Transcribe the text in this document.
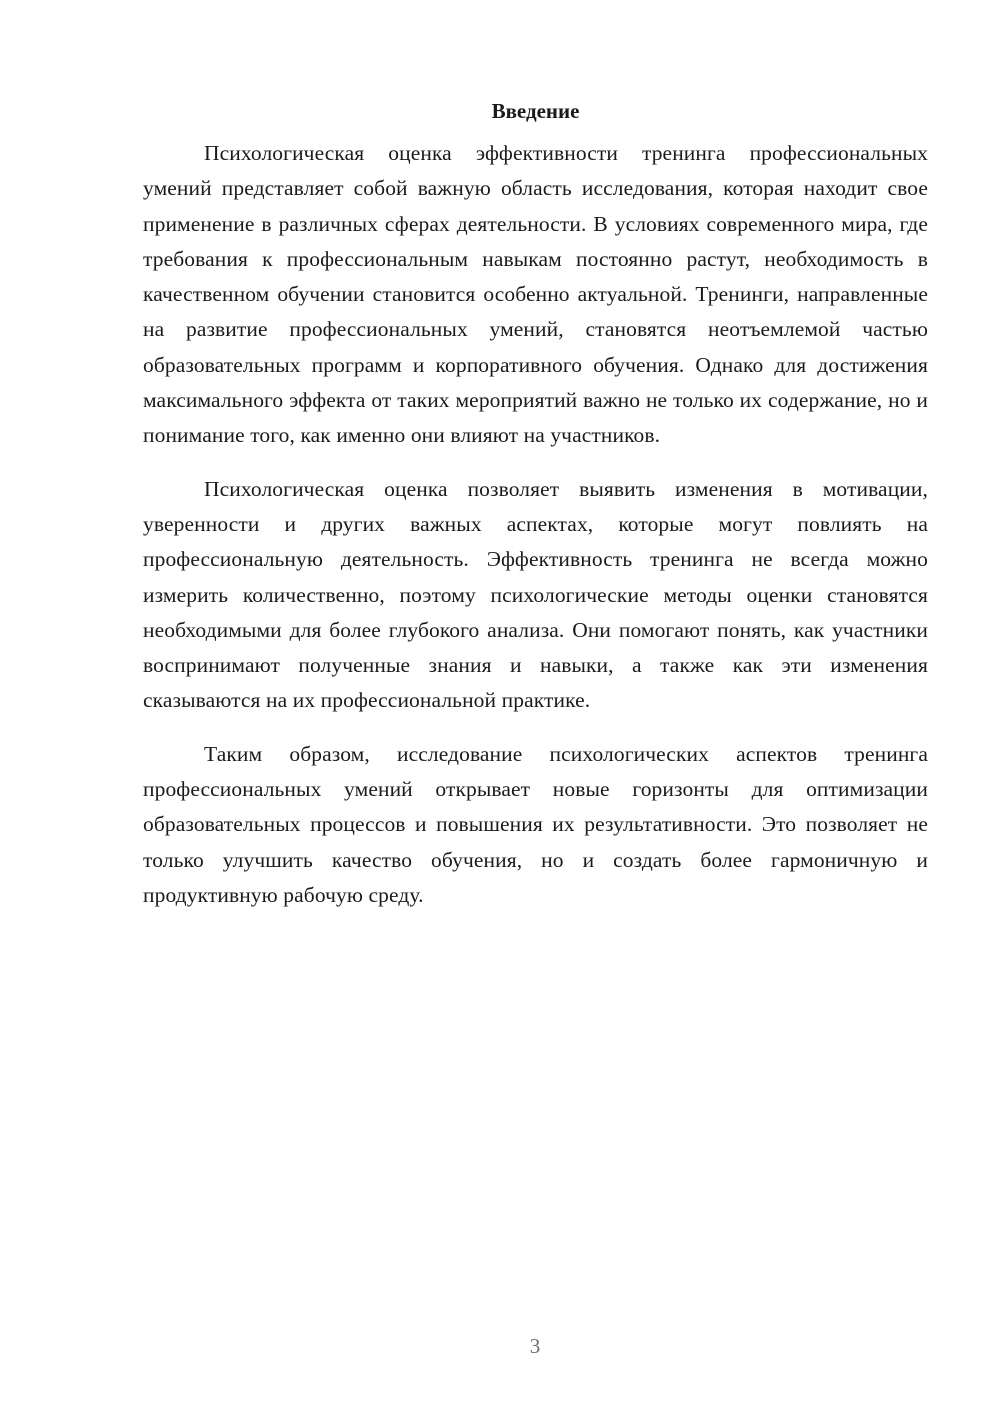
Введение

Психологическая оценка эффективности тренинга профессиональных умений представляет собой важную область исследования, которая находит свое применение в различных сферах деятельности. В условиях современного мира, где требования к профессиональным навыкам постоянно растут, необходимость в качественном обучении становится особенно актуальной. Тренинги, направленные на развитие профессиональных умений, становятся неотъемлемой частью образовательных программ и корпоративного обучения. Однако для достижения максимального эффекта от таких мероприятий важно не только их содержание, но и понимание того, как именно они влияют на участников.

Психологическая оценка позволяет выявить изменения в мотивации, уверенности и других важных аспектах, которые могут повлиять на профессиональную деятельность. Эффективность тренинга не всегда можно измерить количественно, поэтому психологические методы оценки становятся необходимыми для более глубокого анализа. Они помогают понять, как участники воспринимают полученные знания и навыки, а также как эти изменения сказываются на их профессиональной практике.

Таким образом, исследование психологических аспектов тренинга профессиональных умений открывает новые горизонты для оптимизации образовательных процессов и повышения их результативности. Это позволяет не только улучшить качество обучения, но и создать более гармоничную и продуктивную рабочую среду.

3
